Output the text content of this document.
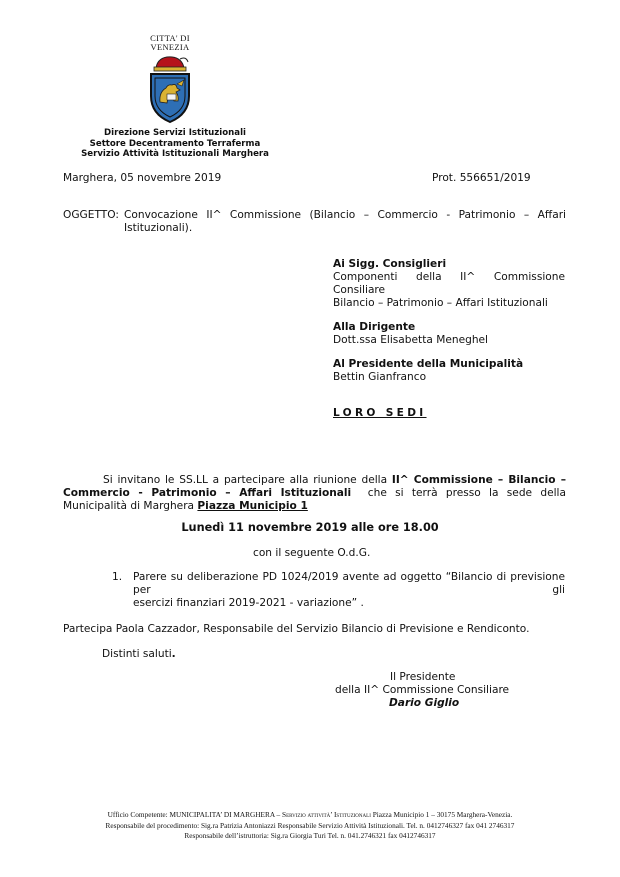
CITTA' DI
VENEZIA
Direzione Servizi Istituzionali
Settore Decentramento Terraferma
Servizio Attività Istituzionali Marghera
Marghera, 05 novembre 2019	Prot. 556651/2019
OGGETTO: Convocazione II^ Commissione (Bilancio – Commercio - Patrimonio – Affari
Istituzionali).
Ai Sigg. Consiglieri
Componenti della II^ Commissione
Consiliare
Bilancio – Patrimonio – Affari Istituzionali
Alla Dirigente
Dott.ssa Elisabetta Meneghel
Al Presidente della Municipalità
Bettin Gianfranco
LORO SEDI

Si invitano le SS.LL a partecipare alla riunione della II^ Commissione – Bilancio –

Commercio - Patrimonio – Affari Istituzionali che si terrà presso la sede della

Municipalità di Marghera Piazza Municipio 1

Lunedì 11 novembre 2019 alle ore 18.00
con il seguente O.d.G.
1. Parere su deliberazione PD 1024/2019 avente ad oggetto “Bilancio di previsione per gli
esercizi finanziari 2019-2021 - variazione” .
Partecipa Paola Cazzador, Responsabile del Servizio Bilancio di Previsione e Rendiconto.
Distinti saluti.
Il Presidente
della II^ Commissione Consiliare
Dario Giglio
Ufficio Competente: MUNICIPALITA’ DI MARGHERA – Servizio attività’ Istituzionali Piazza Municipio 1 – 30175 Marghera-Venezia.
Responsabile del procedimento: Sig.ra Patrizia Antoniazzi Responsabile Servizio Attività Istituzionali. Tel. n. 0412746327 fax 041 2746317
Responsabile dell’istruttoria: Sig.ra Giorgia Turi Tel. n. 041.2746321 fax 0412746317
